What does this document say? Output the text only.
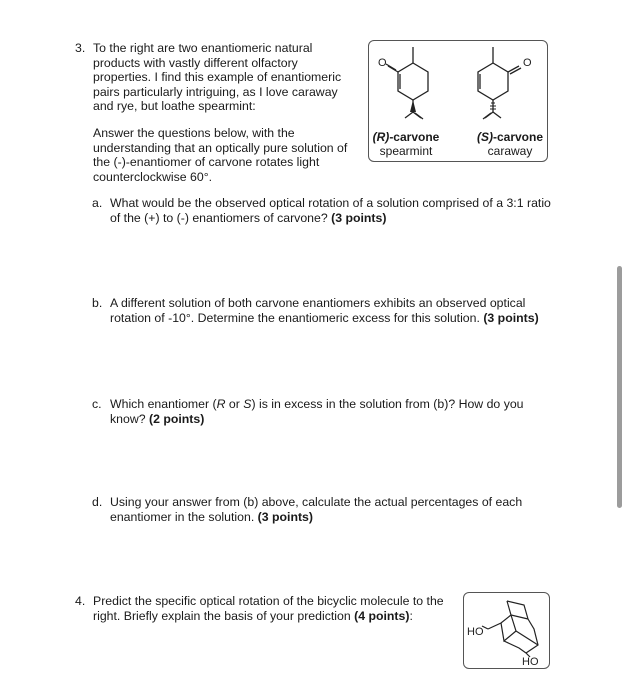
3. To the right are two enantiomeric natural

products with vastly different olfactory

properties. I find this example of enantiomeric

pairs particularly intriguing, as I love caraway

and rye, but loathe spearmint:

Answer the questions below, with the

understanding that an optically pure solution of

the (-)-enantiomer of carvone rotates light

counterclockwise 60°.

O	O
(R)-carvone
spearmint
(S)-carvone
caraway
a. What would be the observed optical rotation of a solution comprised of a 3:1 ratio

of the (+) to (-) enantiomers of carvone? (3 points)

b. A different solution of both carvone enantiomers exhibits an observed optical

rotation of -10°. Determine the enantiomeric excess for this solution. (3 points)

c. Which enantiomer (R or S) is in excess in the solution from (b)? How do you

know? (2 points)

d. Using your answer from (b) above, calculate the actual percentages of each

enantiomer in the solution. (3 points)

4. Predict the specific optical rotation of the bicyclic molecule to the

right. Briefly explain the basis of your prediction (4 points):

HO
HO
